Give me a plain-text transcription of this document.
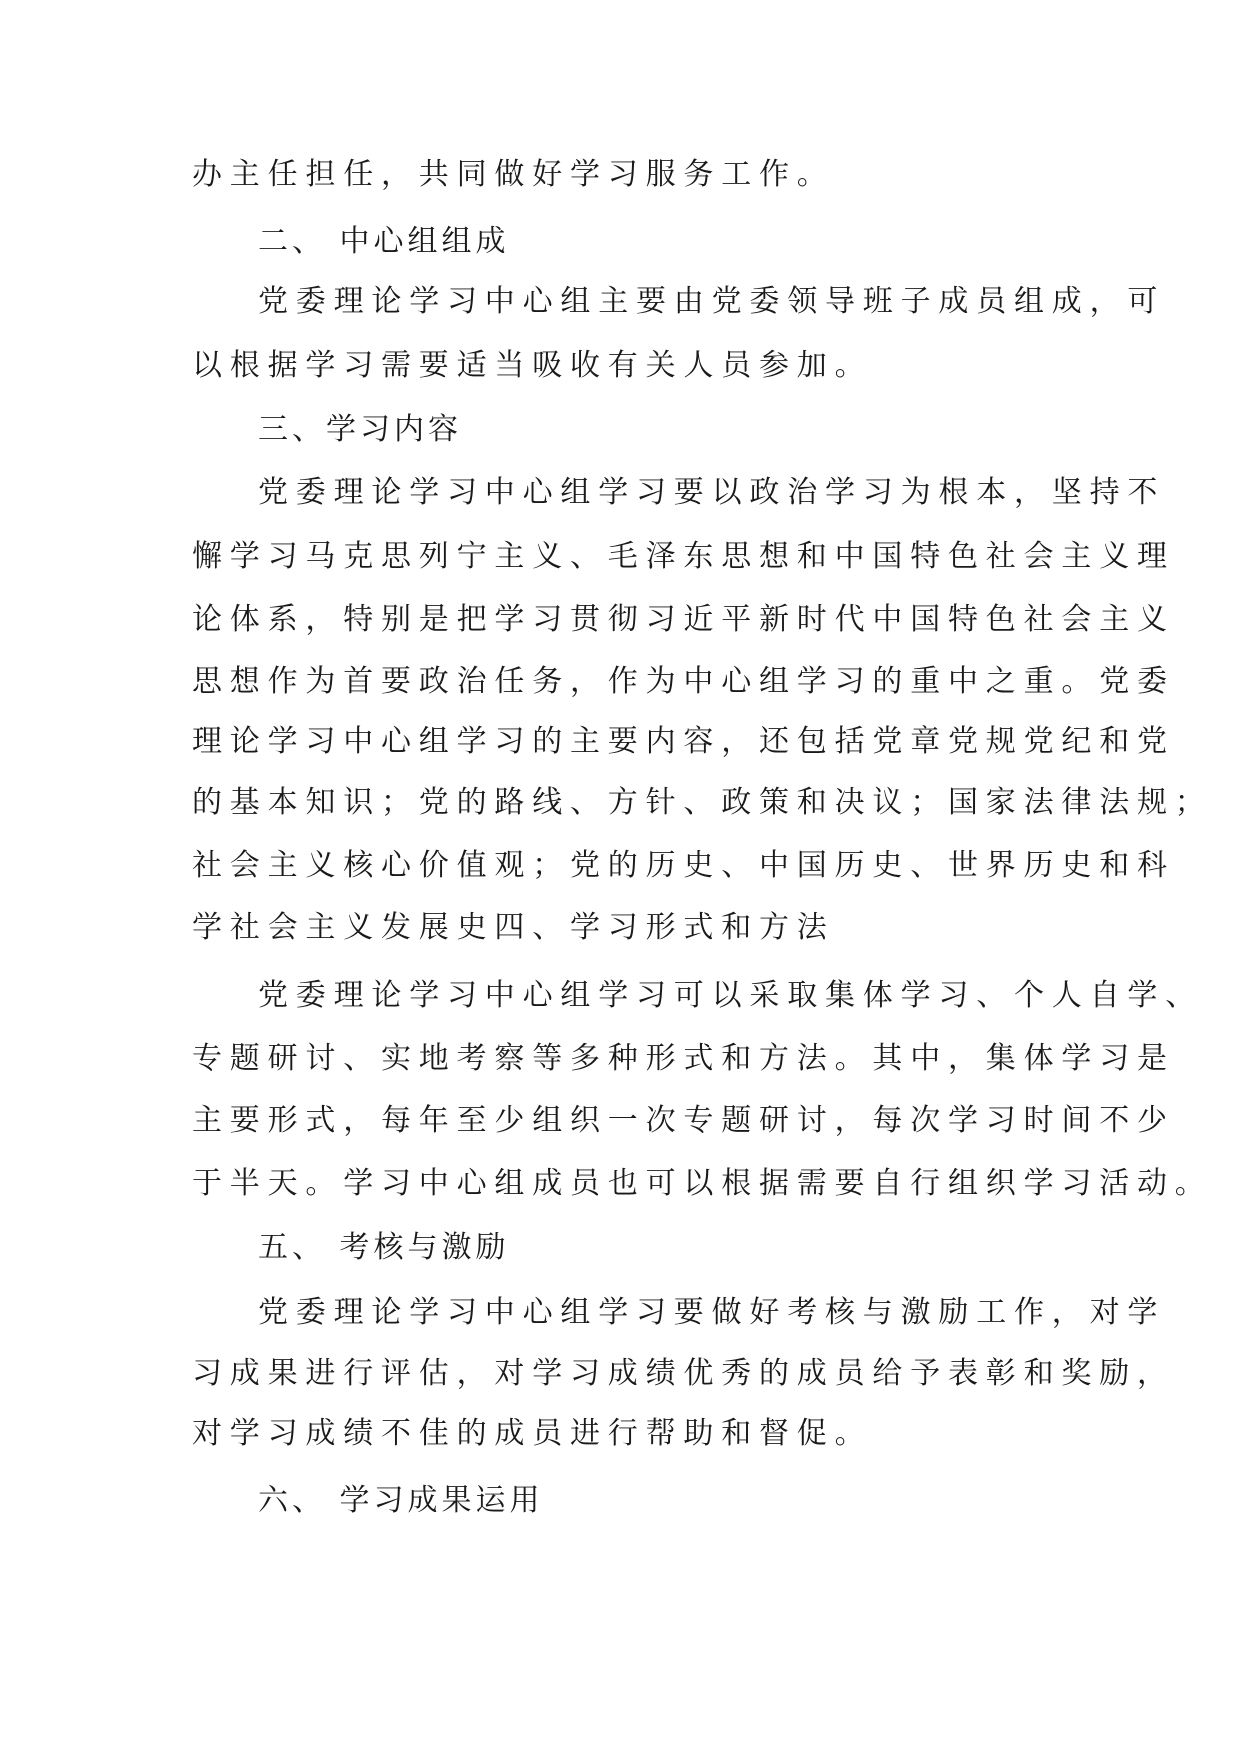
办主任担任，共同做好学习服务工作。
二、 中心组组成
党委理论学习中心组主要由党委领导班子成员组成，可
以根据学习需要适当吸收有关人员参加。
三、学习内容
党委理论学习中心组学习要以政治学习为根本，坚持不
懈学习马克思列宁主义、毛泽东思想和中国特色社会主义理
论体系，特别是把学习贯彻习近平新时代中国特色社会主义
思想作为首要政治任务，作为中心组学习的重中之重。党委
理论学习中心组学习的主要内容，还包括党章党规党纪和党
的基本知识；党的路线、方针、政策和决议；国家法律法规；
社会主义核心价值观；党的历史、中国历史、世界历史和科
学社会主义发展史四、学习形式和方法
党委理论学习中心组学习可以采取集体学习、个人自学、
专题研讨、实地考察等多种形式和方法。其中，集体学习是
主要形式，每年至少组织一次专题研讨，每次学习时间不少
于半天。学习中心组成员也可以根据需要自行组织学习活动。
五、 考核与激励
党委理论学习中心组学习要做好考核与激励工作，对学
习成果进行评估，对学习成绩优秀的成员给予表彰和奖励，
对学习成绩不佳的成员进行帮助和督促。
六、 学习成果运用
